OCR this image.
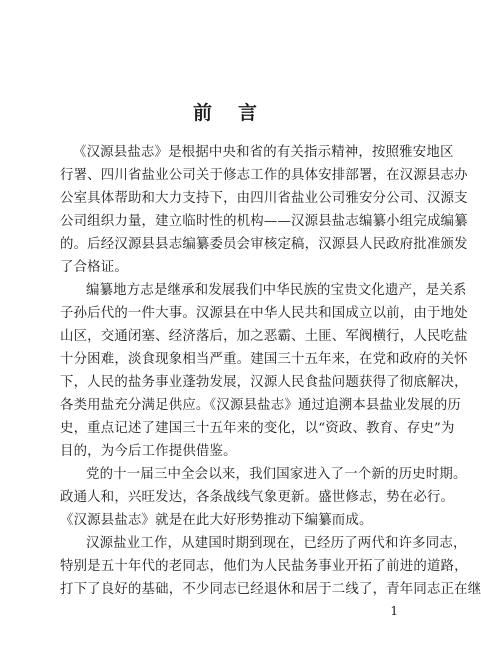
前言
《汉源县盐志》是根据中央和省的有关指示精神，按照雅安地区
行署、四川省盐业公司关于修志工作的具体安排部署，在汉源县志办
公室具体帮助和大力支持下，由四川省盐业公司雅安分公司、汉源支
公司组织力量，建立临时性的机构——汉源县盐志编纂小组完成编纂
的。后经汉源县县志编纂委员会审核定稿，汉源县人民政府批准颁发
了合格证。
编纂地方志是继承和发展我们中华民族的宝贵文化遗产，是关系
子孙后代的一件大事。汉源县在中华人民共和国成立以前，由于地处
山区，交通闭塞、经济落后，加之恶霸、土匪、军阀横行，人民吃盐
十分困难，淡食现象相当严重。建国三十五年来，在党和政府的关怀
下，人民的盐务事业蓬勃发展，汉源人民食盐问题获得了彻底解决，
各类用盐充分满足供应。《汉源县盐志》通过追溯本县盐业发展的历
史，重点记述了建国三十五年来的变化，以“资政、教育、存史”为
目的，为今后工作提供借鉴。
党的十一届三中全会以来，我们国家进入了一个新的历史时期。
政通人和，兴旺发达，各条战线气象更新。盛世修志，势在必行。
《汉源县盐志》就是在此大好形势推动下编纂而成。
汉源盐业工作，从建国时期到现在，已经历了两代和许多同志，
特别是五十年代的老同志，他们为人民盐务事业开拓了前进的道路，
打下了良好的基础，不少同志已经退休和居于二线了，青年同志正在继
1
